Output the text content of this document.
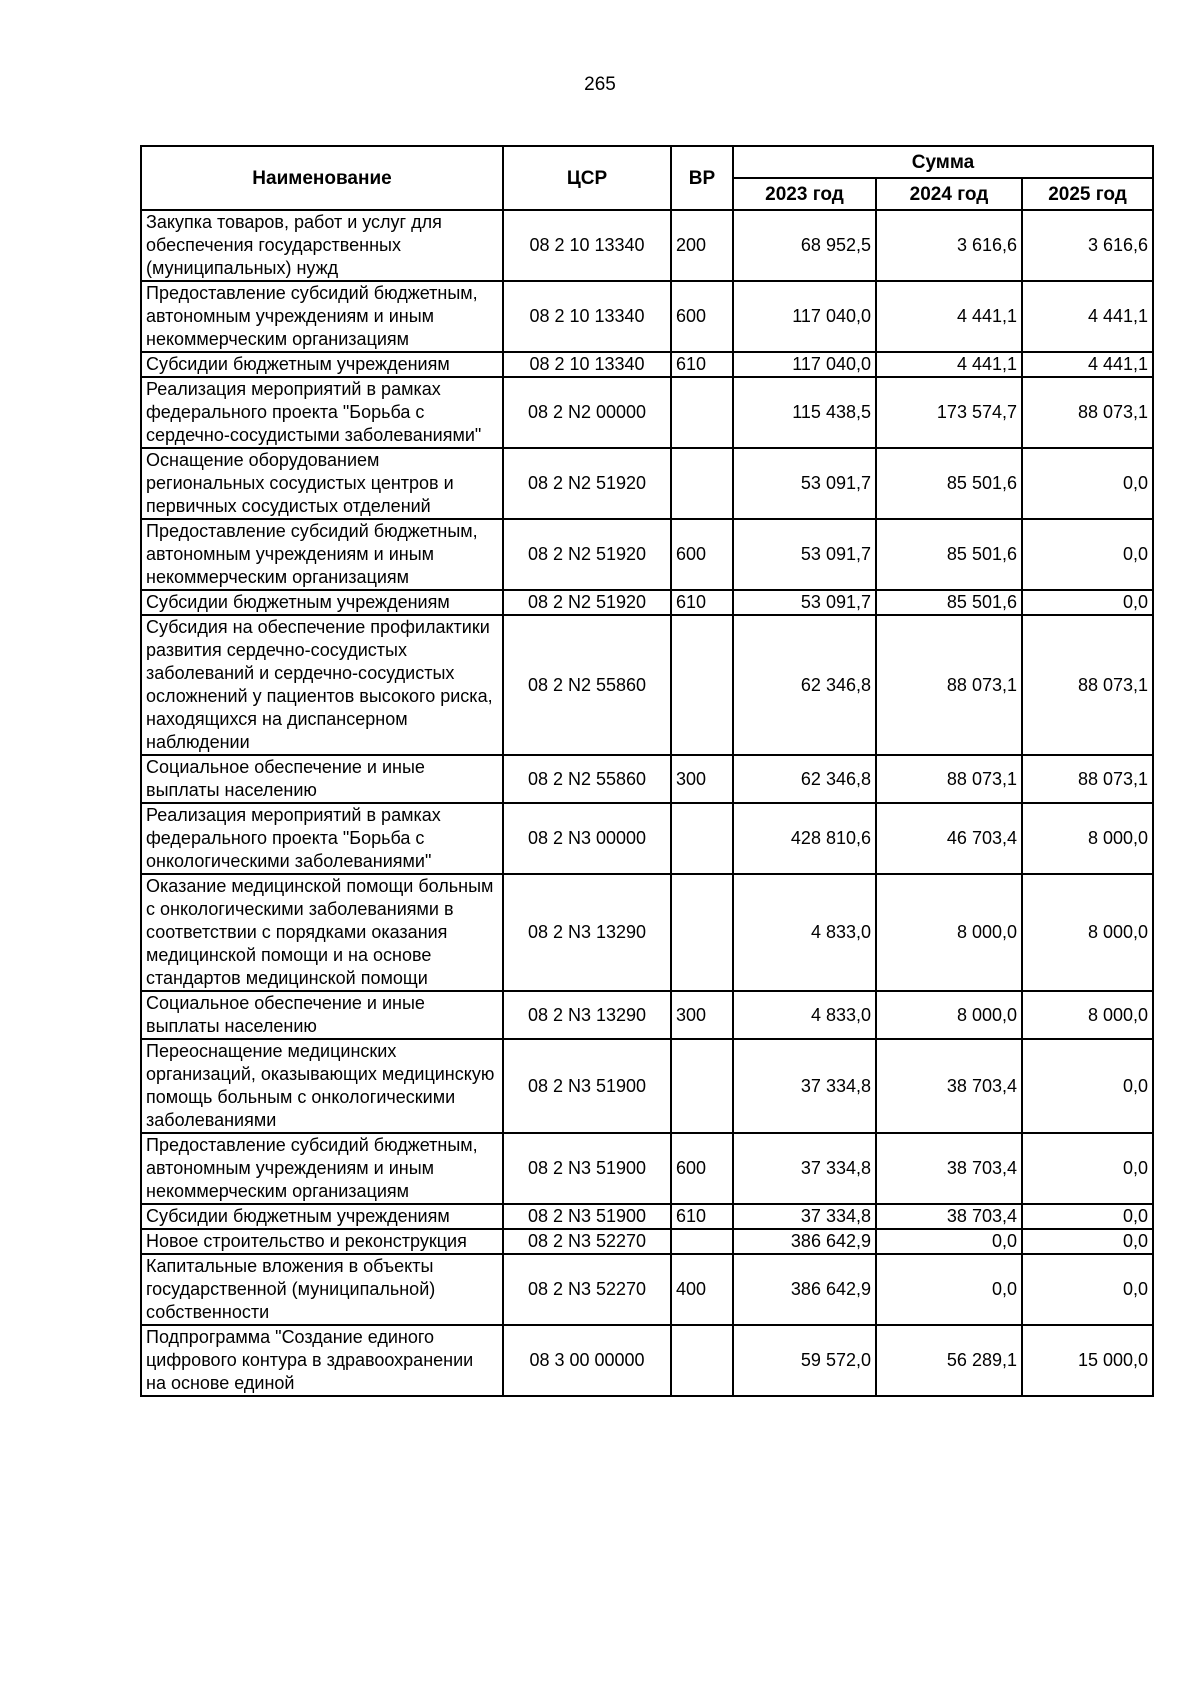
265
Наименование	ЦСР	ВР	Сумма		
			2023 год	2024 год	2025 год
Закупка товаров, работ и услуг для обеспечения государственных (муниципальных) нужд	08 2 10 13340	200	68 952,5	3 616,6	3 616,6
Предоставление субсидий бюджетным, автономным учреждениям и иным некоммерческим организациям	08 2 10 13340	600	117 040,0	4 441,1	4 441,1
Субсидии бюджетным учреждениям	08 2 10 13340	610	117 040,0	4 441,1	4 441,1
Реализация мероприятий в рамках федерального проекта "Борьба с сердечно-сосудистыми заболеваниями"	08 2 N2 00000		115 438,5	173 574,7	88 073,1
Оснащение оборудованием региональных сосудистых центров и первичных сосудистых отделений	08 2 N2 51920		53 091,7	85 501,6	0,0
Предоставление субсидий бюджетным, автономным учреждениям и иным некоммерческим организациям	08 2 N2 51920	600	53 091,7	85 501,6	0,0
Субсидии бюджетным учреждениям	08 2 N2 51920	610	53 091,7	85 501,6	0,0
Субсидия на обеспечение профилактики развития сердечно-сосудистых заболеваний и сердечно-сосудистых осложнений у пациентов высокого риска, находящихся на диспансерном наблюдении	08 2 N2 55860		62 346,8	88 073,1	88 073,1
Социальное обеспечение и иные выплаты населению	08 2 N2 55860	300	62 346,8	88 073,1	88 073,1
Реализация мероприятий в рамках федерального проекта "Борьба с онкологическими заболеваниями"	08 2 N3 00000		428 810,6	46 703,4	8 000,0
Оказание медицинской помощи больным с онкологическими заболеваниями в соответствии с порядками оказания медицинской помощи и на основе стандартов медицинской помощи	08 2 N3 13290		4 833,0	8 000,0	8 000,0
Социальное обеспечение и иные выплаты населению	08 2 N3 13290	300	4 833,0	8 000,0	8 000,0
Переоснащение медицинских организаций, оказывающих медицинскую помощь больным с онкологическими заболеваниями	08 2 N3 51900		37 334,8	38 703,4	0,0
Предоставление субсидий бюджетным, автономным учреждениям и иным некоммерческим организациям	08 2 N3 51900	600	37 334,8	38 703,4	0,0
Субсидии бюджетным учреждениям	08 2 N3 51900	610	37 334,8	38 703,4	0,0
Новое строительство и реконструкция	08 2 N3 52270		386 642,9	0,0	0,0
Капитальные вложения в объекты государственной (муниципальной) собственности	08 2 N3 52270	400	386 642,9	0,0	0,0
Подпрограмма "Создание единого цифрового контура в здравоохранении на основе единой	08 3 00 00000		59 572,0	56 289,1	15 000,0
